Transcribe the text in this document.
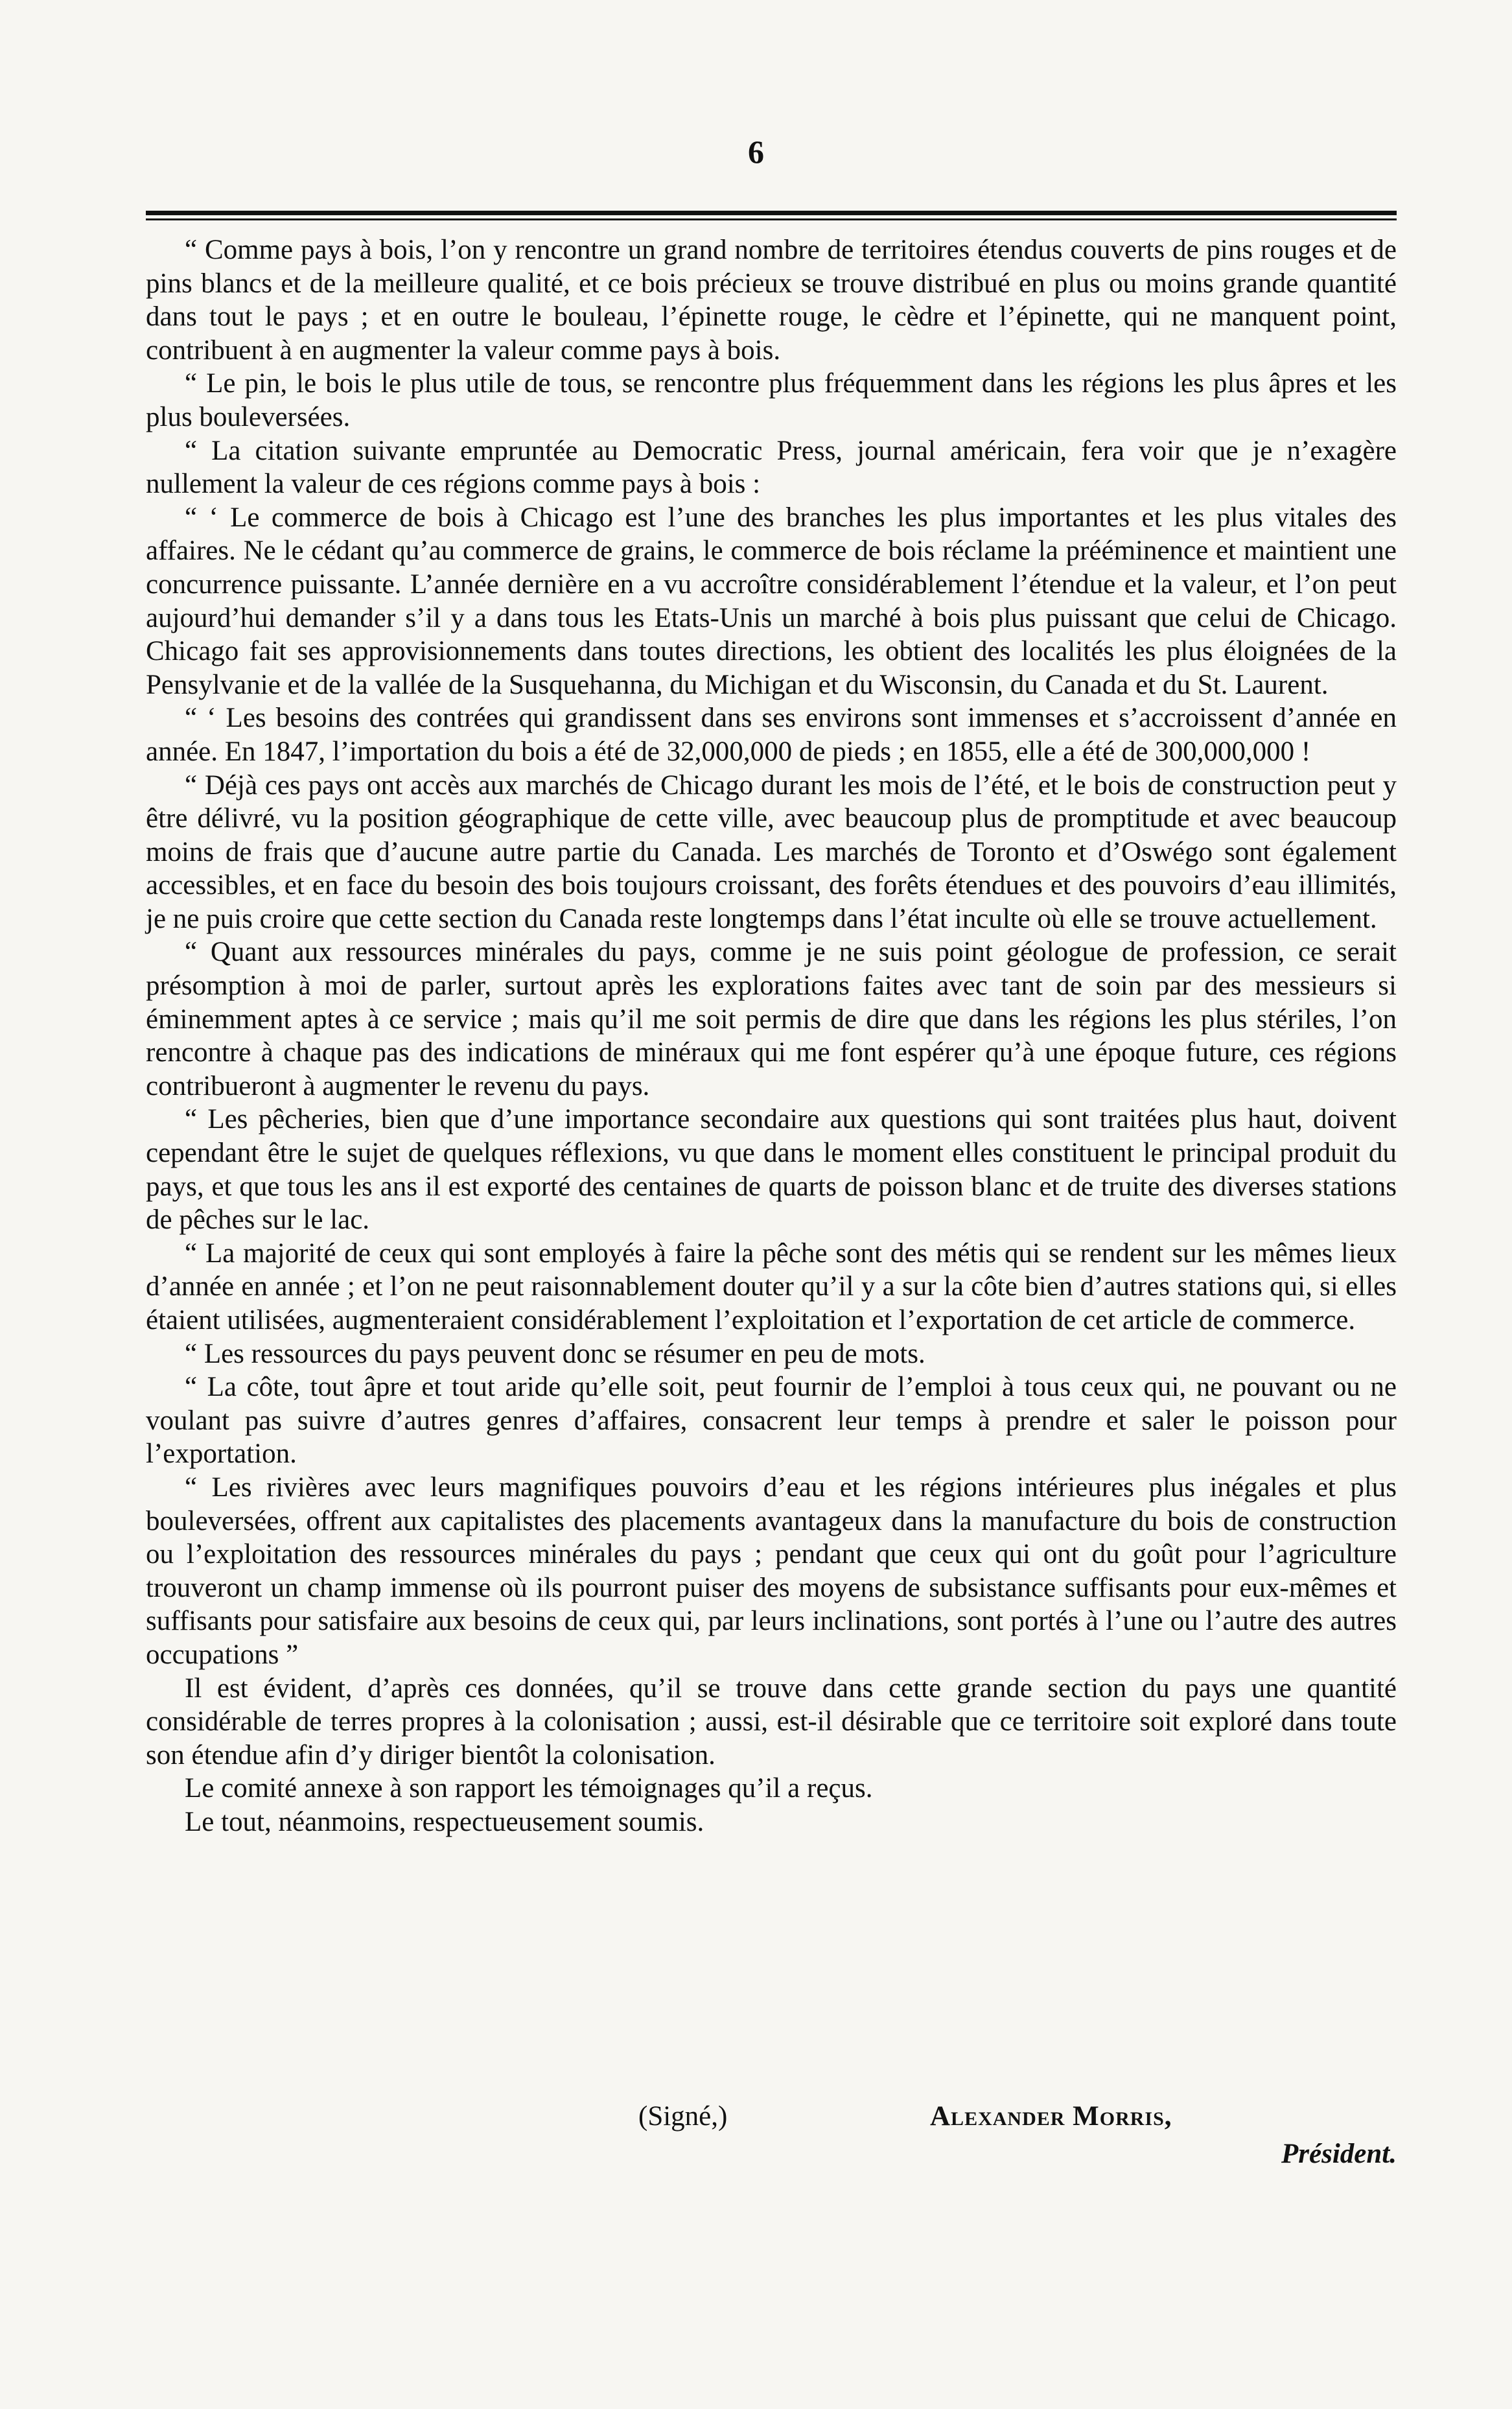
6

“ Comme pays à bois, l’on y rencontre un grand nombre de territoires étendus couverts de pins rouges et de pins blancs et de la meilleure qualité, et ce bois précieux se trouve distribué en plus ou moins grande quantité dans tout le pays ; et en outre le bouleau, l’épinette rouge, le cèdre et l’épinette, qui ne manquent point, contribuent à en augmenter la valeur comme pays à bois.

“ Le pin, le bois le plus utile de tous, se rencontre plus fréquemment dans les régions les plus âpres et les plus bouleversées.

“ La citation suivante empruntée au Democratic Press, journal américain, fera voir que je n’exagère nullement la valeur de ces régions comme pays à bois :

“ ‘ Le commerce de bois à Chicago est l’une des branches les plus importantes et les plus vitales des affaires. Ne le cédant qu’au commerce de grains, le commerce de bois réclame la prééminence et maintient une concurrence puissante. L’année dernière en a vu accroître considérablement l’étendue et la valeur, et l’on peut aujourd’hui demander s’il y a dans tous les Etats-Unis un marché à bois plus puissant que celui de Chicago. Chicago fait ses approvisionnements dans toutes directions, les obtient des localités les plus éloignées de la Pensylvanie et de la vallée de la Susquehanna, du Michigan et du Wisconsin, du Canada et du St. Laurent.

“ ‘ Les besoins des contrées qui grandissent dans ses environs sont immenses et s’accroissent d’année en année. En 1847, l’importation du bois a été de 32,000,000 de pieds ; en 1855, elle a été de 300,000,000 !

“ Déjà ces pays ont accès aux marchés de Chicago durant les mois de l’été, et le bois de construction peut y être délivré, vu la position géographique de cette ville, avec beaucoup plus de promptitude et avec beaucoup moins de frais que d’aucune autre partie du Canada. Les marchés de Toronto et d’Oswégo sont également accessibles, et en face du besoin des bois toujours croissant, des forêts étendues et des pouvoirs d’eau illimités, je ne puis croire que cette section du Canada reste longtemps dans l’état inculte où elle se trouve actuellement.

“ Quant aux ressources minérales du pays, comme je ne suis point géologue de profession, ce serait présomption à moi de parler, surtout après les explorations faites avec tant de soin par des messieurs si éminemment aptes à ce service ; mais qu’il me soit permis de dire que dans les régions les plus stériles, l’on rencontre à chaque pas des indications de minéraux qui me font espérer qu’à une époque future, ces régions contribueront à augmenter le revenu du pays.

“ Les pêcheries, bien que d’une importance secondaire aux questions qui sont traitées plus haut, doivent cependant être le sujet de quelques réflexions, vu que dans le moment elles constituent le principal produit du pays, et que tous les ans il est exporté des centaines de quarts de poisson blanc et de truite des diverses stations de pêches sur le lac.

“ La majorité de ceux qui sont employés à faire la pêche sont des métis qui se rendent sur les mêmes lieux d’année en année ; et l’on ne peut raisonnablement douter qu’il y a sur la côte bien d’autres stations qui, si elles étaient utilisées, augmenteraient considérablement l’exploitation et l’exportation de cet article de commerce.

“ Les ressources du pays peuvent donc se résumer en peu de mots.

“ La côte, tout âpre et tout aride qu’elle soit, peut fournir de l’emploi à tous ceux qui, ne pouvant ou ne voulant pas suivre d’autres genres d’affaires, consacrent leur temps à prendre et saler le poisson pour l’exportation.

“ Les rivières avec leurs magnifiques pouvoirs d’eau et les régions intérieures plus inégales et plus bouleversées, offrent aux capitalistes des placements avantageux dans la manufacture du bois de construction ou l’exploitation des ressources minérales du pays ; pendant que ceux qui ont du goût pour l’agriculture trouveront un champ immense où ils pourront puiser des moyens de subsistance suffisants pour eux-mêmes et suffisants pour satisfaire aux besoins de ceux qui, par leurs inclinations, sont portés à l’une ou l’autre des autres occupations ”

Il est évident, d’après ces données, qu’il se trouve dans cette grande section du pays une quantité considérable de terres propres à la colonisation ; aussi, est-il désirable que ce territoire soit exploré dans toute son étendue afin d’y diriger bientôt la colonisation.

Le comité annexe à son rapport les témoignages qu’il a reçus.

Le tout, néanmoins, respectueusement soumis.

(Signé,)	Alexander Morris,
Président.
